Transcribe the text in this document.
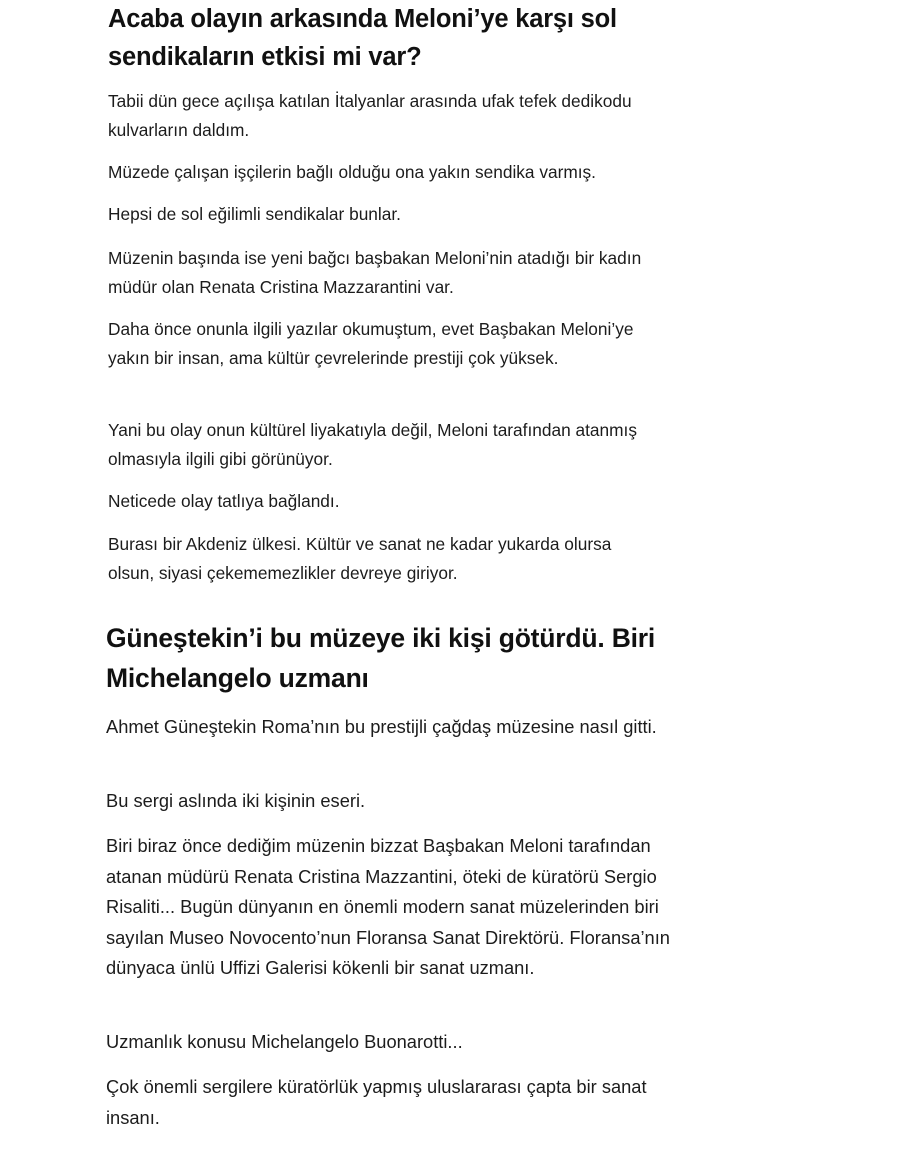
Acaba olayın arkasında Meloni’ye karşı sol sendikaların etkisi mi var?

Tabii dün gece açılışa katılan İtalyanlar arasında ufak tefek dedikodu kulvarların daldım.

Müzede çalışan işçilerin bağlı olduğu ona yakın sendika varmış.

Hepsi de sol eğilimli sendikalar bunlar.

Müzenin başında ise yeni bağcı başbakan Meloni’nin atadığı bir kadın müdür olan Renata Cristina Mazzarantini var.

Daha önce onunla ilgili yazılar okumuştum, evet Başbakan Meloni’ye yakın bir insan, ama kültür çevrelerinde prestiji çok yüksek.

Yani bu olay onun kültürel liyakatıyla değil, Meloni tarafından atanmış olmasıyla ilgili gibi görünüyor.

Neticede olay tatlıya bağlandı.

Burası bir Akdeniz ülkesi. Kültür ve sanat ne kadar yukarda olursa olsun, siyasi çekememezlikler devreye giriyor.

Güneştekin’i bu müzeye iki kişi götürdü. Biri Michelangelo uzmanı

Ahmet Güneştekin Roma’nın bu prestijli çağdaş müzesine nasıl gitti.

Bu sergi aslında iki kişinin eseri.

Biri biraz önce dediğim müzenin bizzat Başbakan Meloni tarafından atanan müdürü Renata Cristina Mazzantini, öteki de küratörü Sergio Risaliti... Bugün dünyanın en önemli modern sanat müzelerinden biri sayılan Museo Novocento’nun Floransa Sanat Direktörü. Floransa’nın dünyaca ünlü Uffizi Galerisi kökenli bir sanat uzmanı.

Uzmanlık konusu Michelangelo Buonarotti...

Çok önemli sergilere küratörlük yapmış uluslararası çapta bir sanat insanı.
